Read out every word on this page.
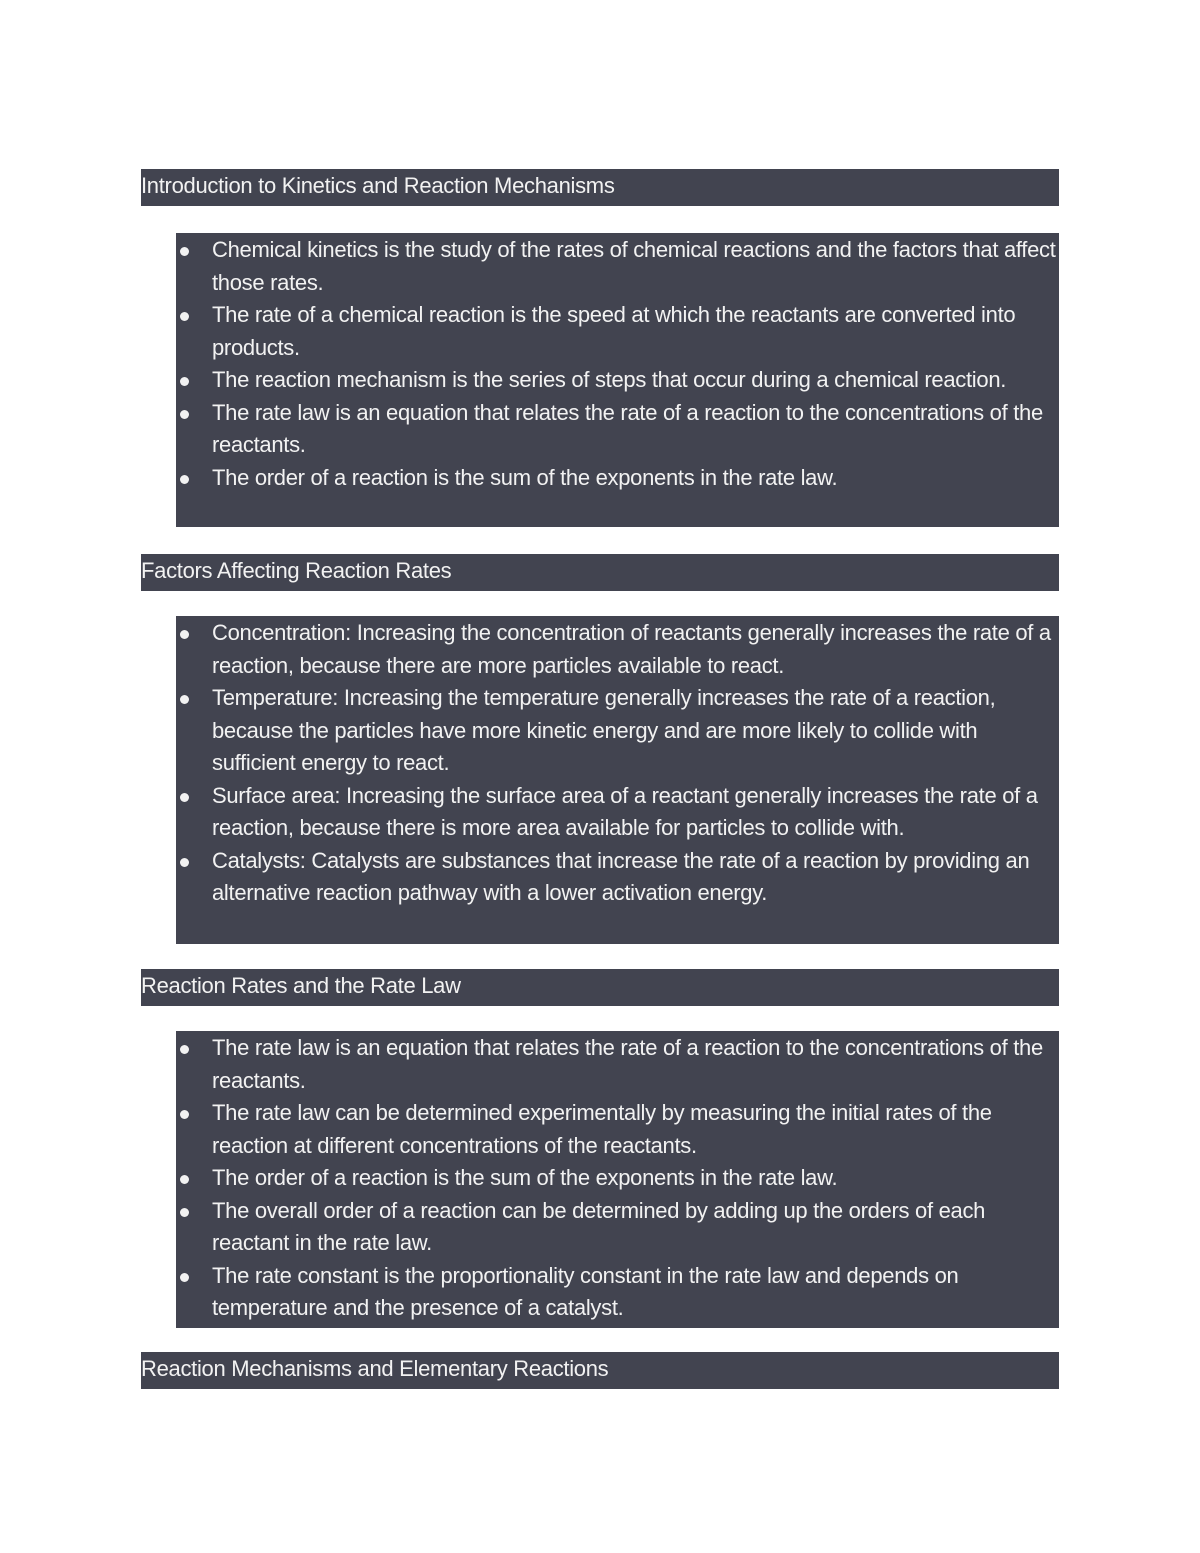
Introduction to Kinetics and Reaction Mechanisms
Chemical kinetics is the study of the rates of chemical reactions and the factors that affect those rates.
The rate of a chemical reaction is the speed at which the reactants are converted into products.
The reaction mechanism is the series of steps that occur during a chemical reaction.
The rate law is an equation that relates the rate of a reaction to the concentrations of the reactants.
The order of a reaction is the sum of the exponents in the rate law.
Factors Affecting Reaction Rates
Concentration: Increasing the concentration of reactants generally increases the rate of a reaction, because there are more particles available to react.
Temperature: Increasing the temperature generally increases the rate of a reaction, because the particles have more kinetic energy and are more likely to collide with sufficient energy to react.
Surface area: Increasing the surface area of a reactant generally increases the rate of a reaction, because there is more area available for particles to collide with.
Catalysts: Catalysts are substances that increase the rate of a reaction by providing an alternative reaction pathway with a lower activation energy.
Reaction Rates and the Rate Law
The rate law is an equation that relates the rate of a reaction to the concentrations of the reactants.
The rate law can be determined experimentally by measuring the initial rates of the reaction at different concentrations of the reactants.
The order of a reaction is the sum of the exponents in the rate law.
The overall order of a reaction can be determined by adding up the orders of each reactant in the rate law.
The rate constant is the proportionality constant in the rate law and depends on temperature and the presence of a catalyst.
Reaction Mechanisms and Elementary Reactions
